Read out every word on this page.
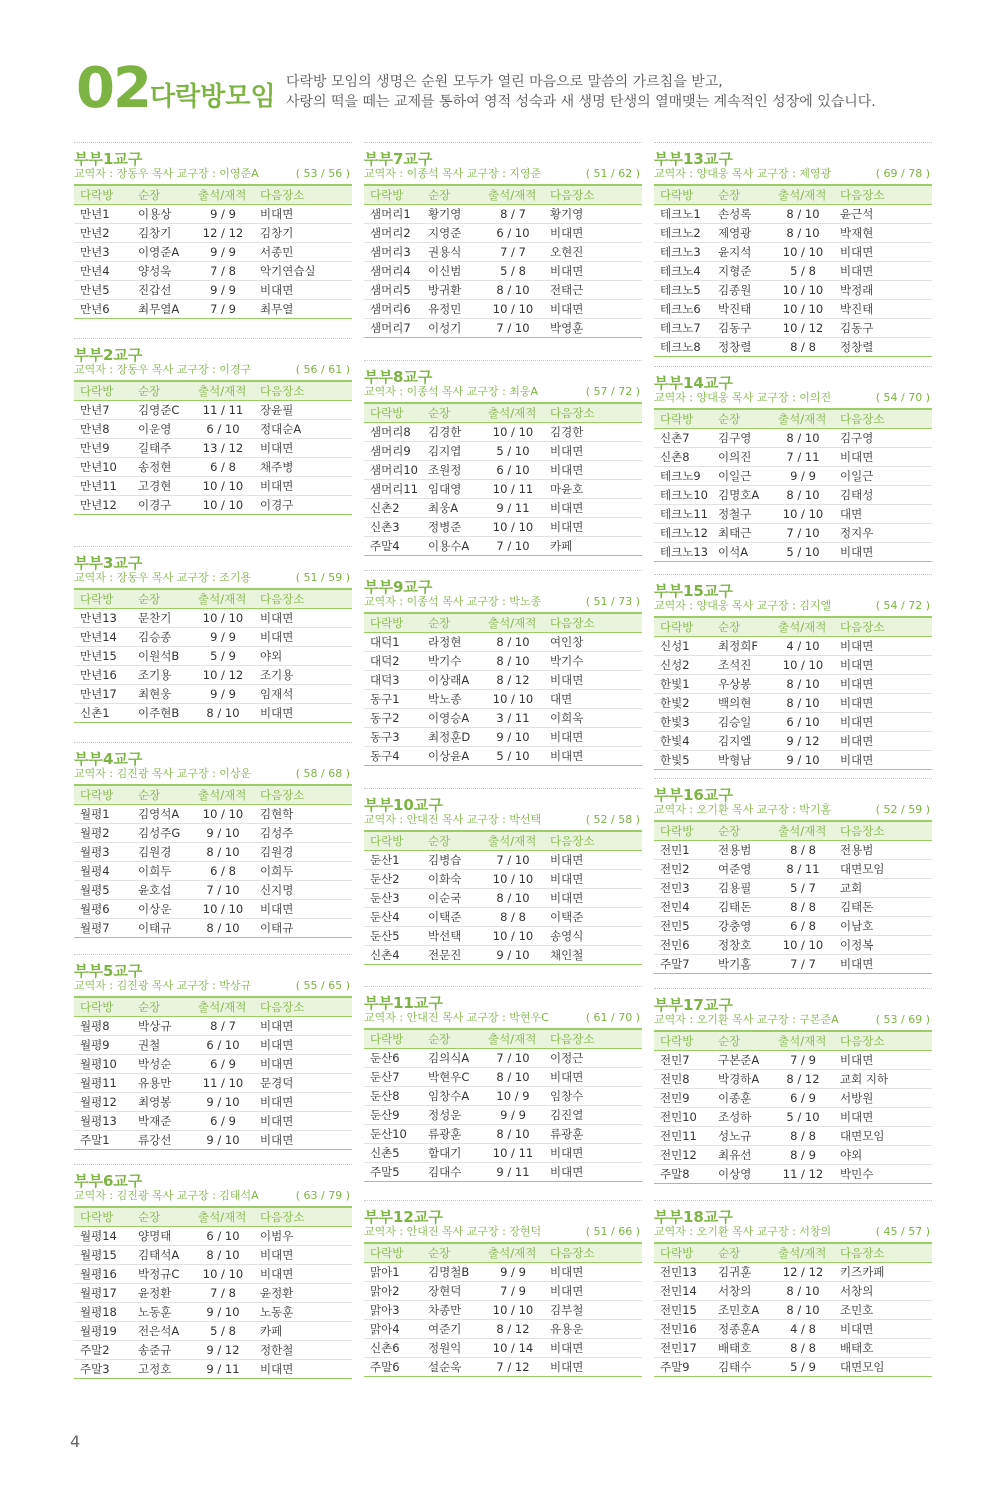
02 다락방모임 다락방 모임의 생명은 순원 모두가 열린 마음으로 말씀의 가르침을 받고,
사랑의 떡을 떼는 교제를 통하여 영적 성숙과 새 생명 탄생의 열매맺는 계속적인 성장에 있습니다.
부부1교구
교역자 : 장동우 목사 교구장 : 이영준A	( 53 / 56 )
다락방	순장	출석/재적	다음장소
만년1	이용상	9 / 9	비대면
만년2	김창기	12 / 12	김창기
만년3	이영준A	9 / 9	서종민
만년4	양성욱	7 / 8	악기연습실
만년5	진갑선	9 / 9	비대면
만년6	최무열A	7 / 9	최무열
부부2교구
교역자 : 장동우 목사 교구장 : 이경구	( 56 / 61 )
다락방	순장	출석/재적	다음장소
만년7	김영준C	11 / 11	장윤필
만년8	이운영	6 / 10	정대순A
만년9	길태주	13 / 12	비대면
만년10	송정현	6 / 8	채주병
만년11	고경현	10 / 10	비대면
만년12	이경구	10 / 10	이경구
부부3교구
교역자 : 장동우 목사 교구장 : 조기용	( 51 / 59 )
다락방	순장	출석/재적	다음장소
만년13	문찬기	10 / 10	비대면
만년14	김승종	9 / 9	비대면
만년15	이원석B	5 / 9	야외
만년16	조기용	10 / 12	조기용
만년17	최현웅	9 / 9	임재석
신촌1	이주현B	8 / 10	비대면
부부4교구
교역자 : 김진광 목사 교구장 : 이상운	( 58 / 68 )
다락방	순장	출석/재적	다음장소
월평1	김영석A	10 / 10	김현학
월평2	김성주G	9 / 10	김성주
월평3	김원경	8 / 10	김원경
월평4	이희두	6 / 8	이희두
월평5	윤호섭	7 / 10	신지명
월평6	이상운	10 / 10	비대면
월평7	이태규	8 / 10	이태규
부부5교구
교역자 : 김진광 목사 교구장 : 박상규	( 55 / 65 )
다락방	순장	출석/재적	다음장소
월평8	박상규	8 / 7	비대면
월평9	권철	6 / 10	비대면
월평10	박성순	6 / 9	비대면
월평11	유용만	11 / 10	문경덕
월평12	최영봉	9 / 10	비대면
월평13	박재준	6 / 9	비대면
주말1	류강선	9 / 10	비대면
부부6교구
교역자 : 김진광 목사 교구장 : 김태석A	( 63 / 79 )
다락방	순장	출석/재적	다음장소
월평14	양명태	6 / 10	이범우
월평15	김태석A	8 / 10	비대면
월평16	박정규C	10 / 10	비대면
월평17	윤정환	7 / 8	윤정환
월평18	노동훈	9 / 10	노동훈
월평19	전은석A	5 / 8	카페
주말2	송준규	9 / 12	정한철
주말3	고정호	9 / 11	비대면
부부7교구
교역자 : 이종석 목사 교구장 : 지영준	( 51 / 62 )
다락방	순장	출석/재적	다음장소
샘머리1	황기영	8 / 7	황기영
샘머리2	지영준	6 / 10	비대면
샘머리3	권용식	7 / 7	오현진
샘머리4	이신범	5 / 8	비대면
샘머리5	방귀환	8 / 10	전태근
샘머리6	유정민	10 / 10	비대면
샘머리7	이성기	7 / 10	박영훈
부부8교구
교역자 : 이종석 목사 교구장 : 최웅A	( 57 / 72 )
다락방	순장	출석/재적	다음장소
샘머리8	김경한	10 / 10	김경한
샘머리9	김지엽	5 / 10	비대면
샘머리10	조원정	6 / 10	비대면
샘머리11	임대영	10 / 11	마윤호
신촌2	최웅A	9 / 11	비대면
신촌3	정병준	10 / 10	비대면
주말4	이용수A	7 / 10	카페
부부9교구
교역자 : 이종석 목사 교구장 : 박노종	( 51 / 73 )
다락방	순장	출석/재적	다음장소
대덕1	라정현	8 / 10	여인창
대덕2	박기수	8 / 10	박기수
대덕3	이상래A	8 / 12	비대면
동구1	박노종	10 / 10	대면
동구2	이영승A	3 / 11	이희욱
동구3	최정훈D	9 / 10	비대면
동구4	이상윤A	5 / 10	비대면
부부10교구
교역자 : 안대진 목사 교구장 : 박선택	( 52 / 58 )
다락방	순장	출석/재적	다음장소
둔산1	김병습	7 / 10	비대면
둔산2	이화숙	10 / 10	비대면
둔산3	이순국	8 / 10	비대면
둔산4	이택준	8 / 8	이택준
둔산5	박선택	10 / 10	송영식
신촌4	전문진	9 / 10	채인철
부부11교구
교역자 : 안대진 목사 교구장 : 박현우C	( 61 / 70 )
다락방	순장	출석/재적	다음장소
둔산6	김의식A	7 / 10	이정근
둔산7	박현우C	8 / 10	비대면
둔산8	임창수A	10 / 9	임창수
둔산9	정성운	9 / 9	김진열
둔산10	류광훈	8 / 10	류광훈
신촌5	함대기	10 / 11	비대면
주말5	김대수	9 / 11	비대면
부부12교구
교역자 : 안대진 목사 교구장 : 장현덕	( 51 / 66 )
다락방	순장	출석/재적	다음장소
맑아1	김명철B	9 / 9	비대면
맑아2	장현덕	7 / 9	비대면
맑아3	차종만	10 / 10	김부철
맑아4	여준기	8 / 12	유용운
신촌6	정원익	10 / 14	비대면
주말6	설순욱	7 / 12	비대면
부부13교구
교역자 : 양대웅 목사 교구장 : 제영광	( 69 / 78 )
다락방	순장	출석/재적	다음장소
테크노1	손성록	8 / 10	윤근석
테크노2	제영광	8 / 10	박재현
테크노3	윤지석	10 / 10	비대면
테크노4	지형준	5 / 8	비대면
테크노5	김종원	10 / 10	박정래
테크노6	박진태	10 / 10	박진태
테크노7	김동구	10 / 12	김동구
테크노8	정창렬	8 / 8	정창렬
부부14교구
교역자 : 양대웅 목사 교구장 : 이의진	( 54 / 70 )
다락방	순장	출석/재적	다음장소
신촌7	김구영	8 / 10	김구영
신촌8	이의진	7 / 11	비대면
테크노9	이일근	9 / 9	이일근
테크노10	김명호A	8 / 10	김태성
테크노11	정철구	10 / 10	대면
테크노12	최태근	7 / 10	정지우
테크노13	이석A	5 / 10	비대면
부부15교구
교역자 : 양대웅 목사 교구장 : 김지엘	( 54 / 72 )
다락방	순장	출석/재적	다음장소
신성1	최정희F	4 / 10	비대면
신성2	조석진	10 / 10	비대면
한빛1	우상봉	8 / 10	비대면
한빛2	백의현	8 / 10	비대면
한빛3	김승일	6 / 10	비대면
한빛4	김지엘	9 / 12	비대면
한빛5	박형남	9 / 10	비대면
부부16교구
교역자 : 오기환 목사 교구장 : 박기홈	( 52 / 59 )
다락방	순장	출석/재적	다음장소
전민1	전용범	8 / 8	전용범
전민2	여준영	8 / 11	대면모임
전민3	김용필	5 / 7	교회
전민4	김태돈	8 / 8	김태돈
전민5	강충영	6 / 8	이남호
전민6	정창호	10 / 10	이정복
주말7	박기홈	7 / 7	비대면
부부17교구
교역자 : 오기환 목사 교구장 : 구본준A	( 53 / 69 )
다락방	순장	출석/재적	다음장소
전민7	구본준A	7 / 9	비대면
전민8	박경하A	8 / 12	교회 지하
전민9	이종훈	6 / 9	서방원
전민10	조성하	5 / 10	비대면
전민11	성노규	8 / 8	대면모임
전민12	최유선	8 / 9	야외
주말8	이상영	11 / 12	박민수
부부18교구
교역자 : 오기환 목사 교구장 : 서창의	( 45 / 57 )
다락방	순장	출석/재적	다음장소
전민13	김귀훈	12 / 12	키즈카페
전민14	서창의	8 / 10	서창의
전민15	조민호A	8 / 10	조민호
전민16	정종훈A	4 / 8	비대면
전민17	배태호	8 / 8	배태호
주말9	김태수	5 / 9	대면모임
4
